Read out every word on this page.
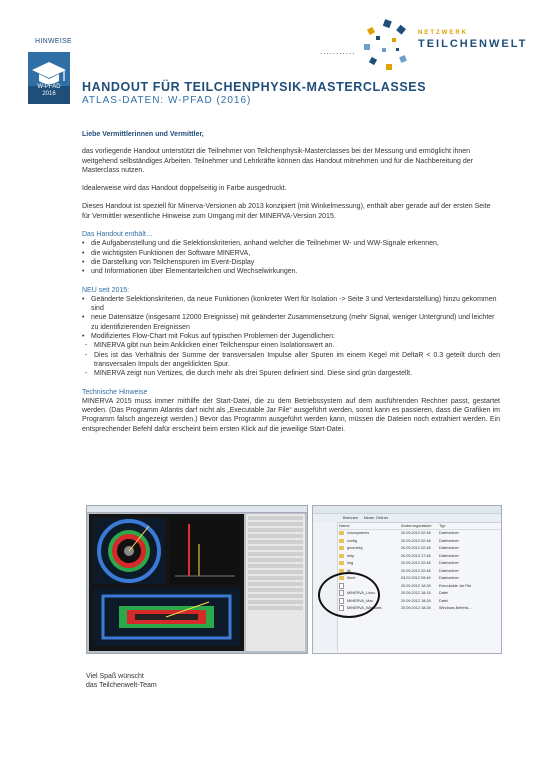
HINWEISE
W-PFAD
2016
...........
NETZWERK
TEILCHENWELT
HANDOUT FÜR TEILCHENPHYSIK-MASTERCLASSES
ATLAS-DATEN: W-PFAD (2016)

Liebe Vermittlerinnen und Vermittler,

das vorliegende Handout unterstützt die Teilnehmer von Teilchenphysik-Masterclasses bei der Messung und ermöglicht ihnen weitgehend selbständiges Arbeiten. Teilnehmer und Lehrkräfte können das Handout mitnehmen und für die Nachbereitung der Masterclass nutzen.

Idealerweise wird das Handout doppelseitig in Farbe ausgedruckt.

Dieses Handout ist speziell für Minerva-Versionen ab 2013 konzipiert (mit Winkelmessung), enthält aber gerade auf der ersten Seite für Vermittler wesentliche Hinweise zum Umgang mit der MINERVA-Version 2015.

Das Handout enthält…

• die Aufgabenstellung und die Selektionskriterien, anhand welcher die Teilnehmer W- und WW-Signale erkennen,
• die wichtigsten Funktionen der Software MINERVA,
• die Darstellung von Teilchenspuren im Event-Display
• und Informationen über Elementarteilchen und Wechselwirkungen.

NEU seit 2015:

• Geänderte Selektionskriterien, da neue Funktionen (konkreter Wert für Isolation -> Seite 3 und Vertexdarstellung) hinzu gekommen sind
• neue Datensätze (insgesamt 12000 Ereignisse) mit geänderter Zusammensetzung (mehr Signal, weniger Untergrund) und leichter zu identifizierenden Ereignissen
• Modifiziertes Flow-Chart mit Fokus auf typischen Problemen der Jugendlichen:
- MINERVA gibt nun beim Anklicken einer Teilchenspur einen Isolationswert an.
- Dies ist das Verhältnis der Summe der transversalen Impulse aller Spuren im einem Kegel mit DeltaR < 0.3 geteilt durch den transversalen Impuls der angeklickten Spur.
- MINERVA zeigt nun Vertizes, die durch mehr als drei Spuren definiert sind. Diese sind grün dargestellt.

Technische Hinweise

MINERVA 2015 muss immer mithilfe der Start-Datei, die zu dem Betriebssystem auf dem ausführenden Rechner passt, gestartet werden. (Das Programm Atlantis darf nicht als „Executable Jar File“ ausgeführt werden, sonst kann es passieren, dass die Grafiken im Programm falsch angezeigt werden.) Bevor das Programm ausgeführt werden kann, müssen die Dateien noch extrahiert werden. Ein entsprechender Befehl dafür erscheint beim ersten Klick auf die jeweilige Start-Datei.

Brennen Neuer Ordner
Name	Änderungsdatum Typ
colorsystems	20.09.2012 02:48 Dateiordner
config	20.09.2012 02:48 Dateiordner
geometry	20.09.2012 02:48 Dateiordner
help	20.09.2013 17:48 Dateiordner
img	20.09.2012 02:48 Dateiordner
lib	20.09.2012 02:48 Dateiordner
ifront	03.02.2012 09:48 Dateiordner
20.09.2012 18:28 Executable Jar File
MINERVA_Linux	20.09.2012 18:18 Datei
MINERVA_Mac	20.09.2012 18:28 Datei
MINERVA_Windows	20.09.2012 18:28 Windows-Befehls...
Viel Spaß wünscht
das Teilchenwelt-Team
